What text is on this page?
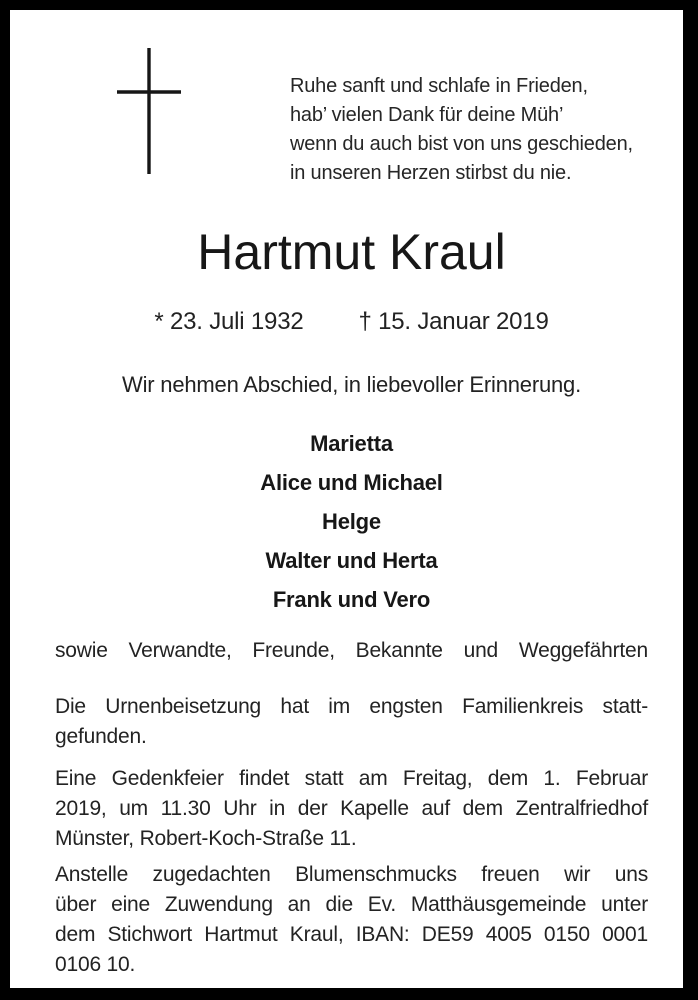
Ruhe sanft und schlafe in Frieden,
hab’ vielen Dank für deine Müh’
wenn du auch bist von uns geschieden,
in unseren Herzen stirbst du nie.
Hartmut Kraul
* 23. Juli 1932 † 15. Januar 2019
Wir nehmen Abschied, in liebevoller Erinnerung.
Marietta
Alice und Michael
Helge
Walter und Herta
Frank und Vero
sowie Verwandte, Freunde, Bekannte und Weggefährten
Die Urnenbeisetzung hat im engsten Familienkreis statt-
gefunden.
Eine Gedenkfeier findet statt am Freitag, dem 1. Februar
2019, um 11.30 Uhr in der Kapelle auf dem Zentralfriedhof
Münster, Robert-Koch-Straße 11.
Anstelle zugedachten Blumenschmucks freuen wir uns
über eine Zuwendung an die Ev. Matthäusgemeinde unter
dem Stichwort Hartmut Kraul, IBAN: DE59 4005 0150 0001
0106 10.
